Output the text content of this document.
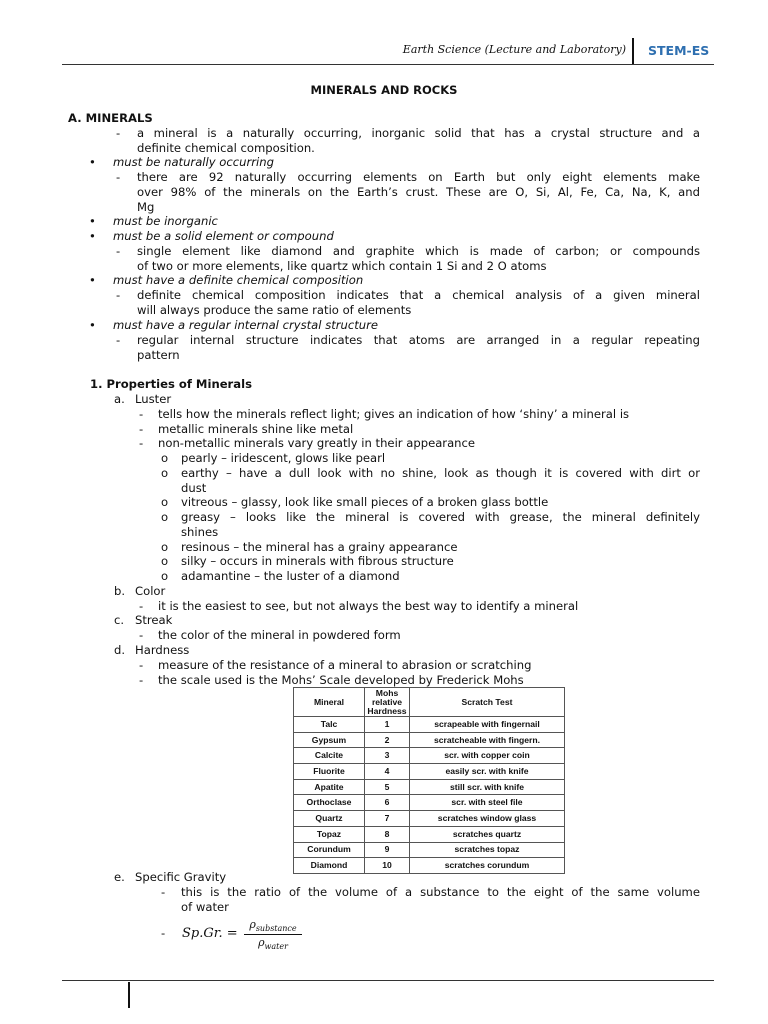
Earth Science (Lecture and Laboratory) STEM-ES
MINERALS AND ROCKS
A. MINERALS
- a mineral is a naturally occurring, inorganic solid that has a crystal structure and a
definite chemical composition.
• must be naturally occurring
- there are 92 naturally occurring elements on Earth but only eight elements make
over 98% of the minerals on the Earth’s crust. These are O, Si, Al, Fe, Ca, Na, K, and
Mg
• must be inorganic
• must be a solid element or compound
- single element like diamond and graphite which is made of carbon; or compounds
of two or more elements, like quartz which contain 1 Si and 2 O atoms
• must have a definite chemical composition
- definite chemical composition indicates that a chemical analysis of a given mineral
will always produce the same ratio of elements
• must have a regular internal crystal structure
- regular internal structure indicates that atoms are arranged in a regular repeating
pattern
1. Properties of Minerals
a. Luster
- tells how the minerals reflect light; gives an indication of how ‘shiny’ a mineral is
- metallic minerals shine like metal
- non-metallic minerals vary greatly in their appearance
o pearly – iridescent, glows like pearl
o earthy – have a dull look with no shine, look as though it is covered with dirt or
dust
o vitreous – glassy, look like small pieces of a broken glass bottle
o greasy – looks like the mineral is covered with grease, the mineral definitely
shines
o resinous – the mineral has a grainy appearance
o silky – occurs in minerals with fibrous structure
o adamantine – the luster of a diamond
b. Color
- it is the easiest to see, but not always the best way to identify a mineral
c. Streak
- the color of the mineral in powdered form
d. Hardness
- measure of the resistance of a mineral to abrasion or scratching
- the scale used is the Mohs’ Scale developed by Frederick Mohs
Mineral	Mohs relative Hardness	Scratch Test
Talc	1	scrapeable with fingernail
Gypsum	2	scratcheable with fingern.
Calcite	3	scr. with copper coin
Fluorite	4	easily scr. with knife
Apatite	5	still scr. with knife
Orthoclase	6	scr. with steel file
Quartz	7	scratches window glass
Topaz	8	scratches quartz
Corundum	9	scratches topaz
Diamond	10	scratches corundum
e. Specific Gravity
- this is the ratio of the volume of a substance to the eight of the same volume
of water
- Sp.Gr. =
$\rho_{substance}$
$\rho_{water}$
